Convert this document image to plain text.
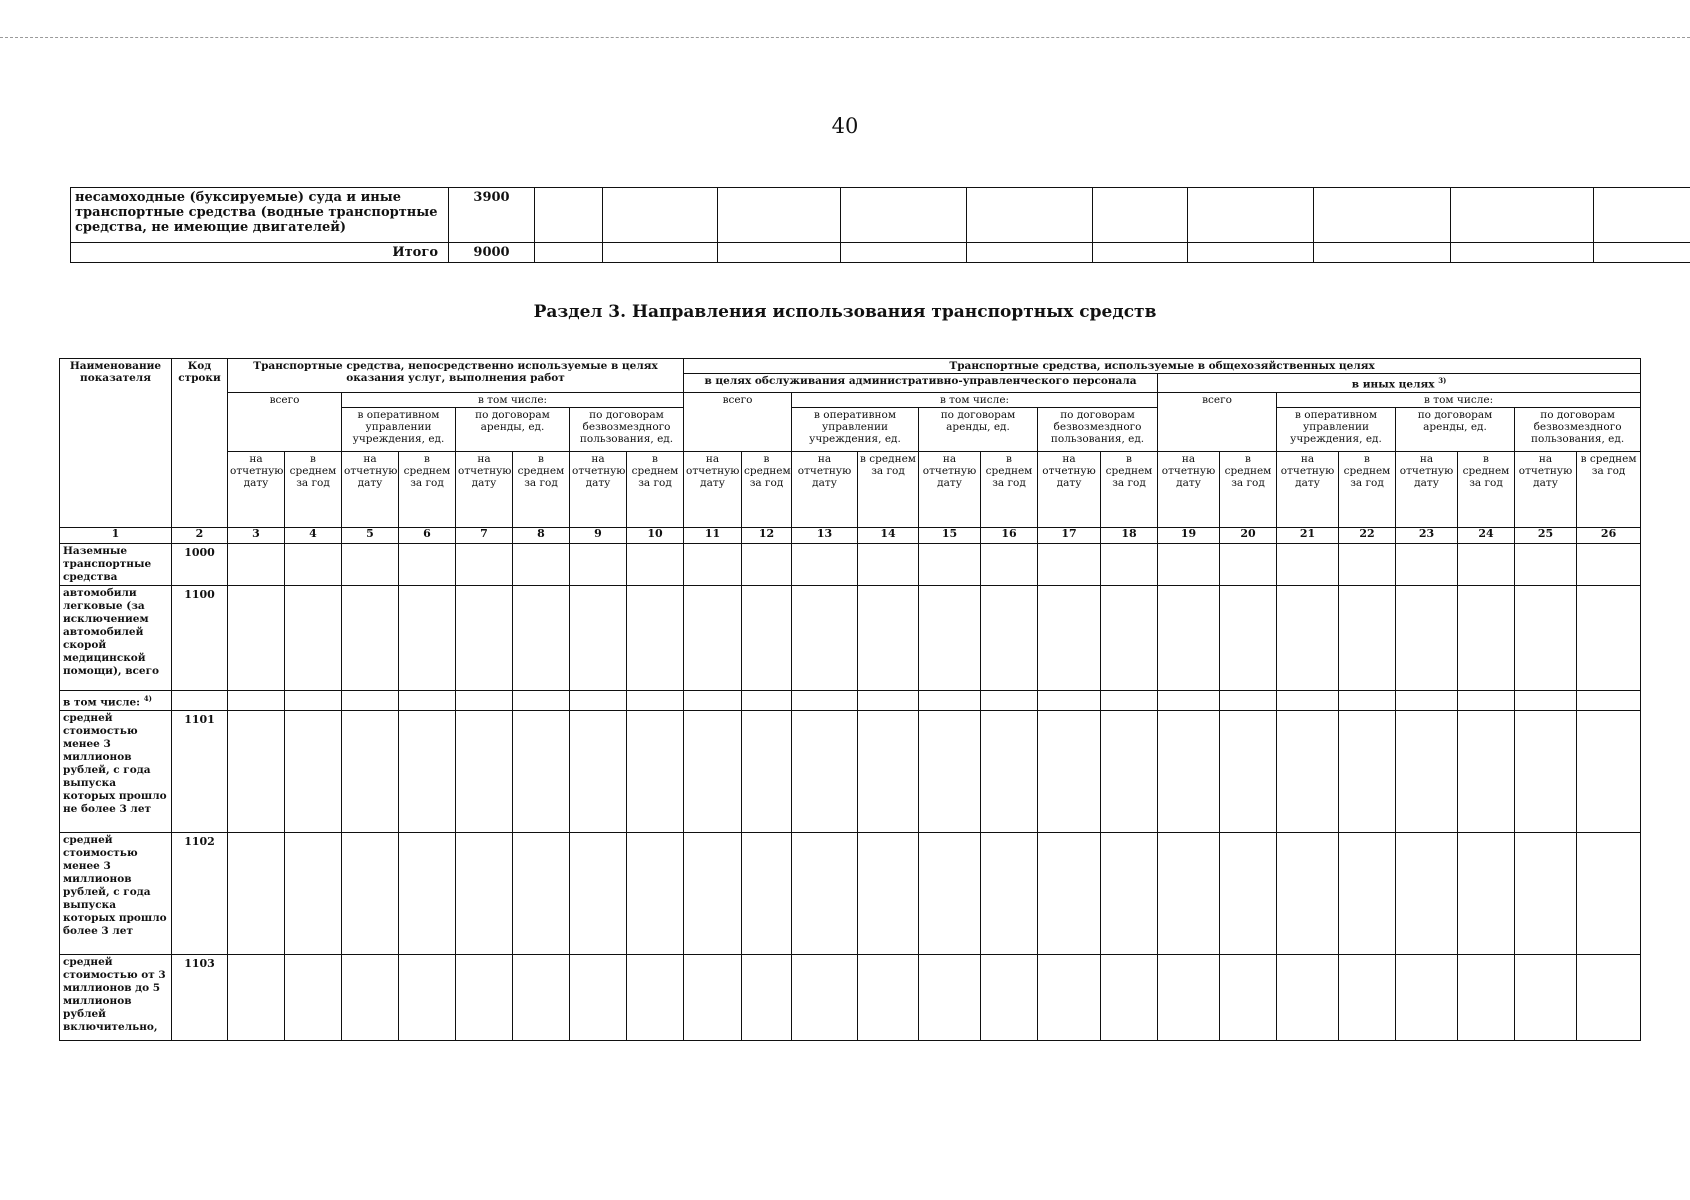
40
несамоходные (буксируемые) суда и иные транспортные средства (водные транспортные средства, не имеющие двигателей)	3900										
Итого	9000										
Раздел 3. Направления использования транспортных средств
Наименование показателя	Код строки	Транспортные средства, непосредственно используемые в целях оказания услуг, выполнения работ								Транспортные средства, используемые в общехозяйственных целях															
										в целях обслуживания административно-управленческого персонала								в иных целях $^{3)}$
		всего		в том числе:						всего		в том числе:						всего		в том числе:					
				в оперативном управлении учреждения, ед.		по договорам аренды, ед.		по договорам безвозмездного пользования, ед.				в оперативном управлении учреждения, ед.		по договорам аренды, ед.		по договорам безвозмездного пользования, ед.				в оперативном управлении учреждения, ед.		по договорам аренды, ед.		по договорам безвозмездного пользования, ед.	
		на отчетную дату	в среднем за год	на отчетную дату	в среднем за год	на отчетную дату	в среднем за год	на отчетную дату	в среднем за год	на отчетную дату	в среднем за год	на отчетную дату	в среднем за год	на отчетную дату	в среднем за год	на отчетную дату	в среднем за год	на отчетную дату	в среднем за год	на отчетную дату	в среднем за год	на отчетную дату	в среднем за год	на отчетную дату	в среднем за год
1	2	3	4	5	6	7	8	9	10	11	12	13	14	15	16	17	18	19	20	21	22	23	24	25	26
Наземные транспортные средства	1000																								
автомобили легковые (за исключением автомобилей скорой медицинской помощи), всего	1100																								
в том числе: $^{4)}$																									
средней стоимостью менее 3 миллионов рублей, с года выпуска которых прошло не более 3 лет	1101																								
средней стоимостью менее 3 миллионов рублей, с года выпуска которых прошло более 3 лет	1102																								
средней стоимостью от 3 миллионов до 5 миллионов рублей включительно,	1103																								
